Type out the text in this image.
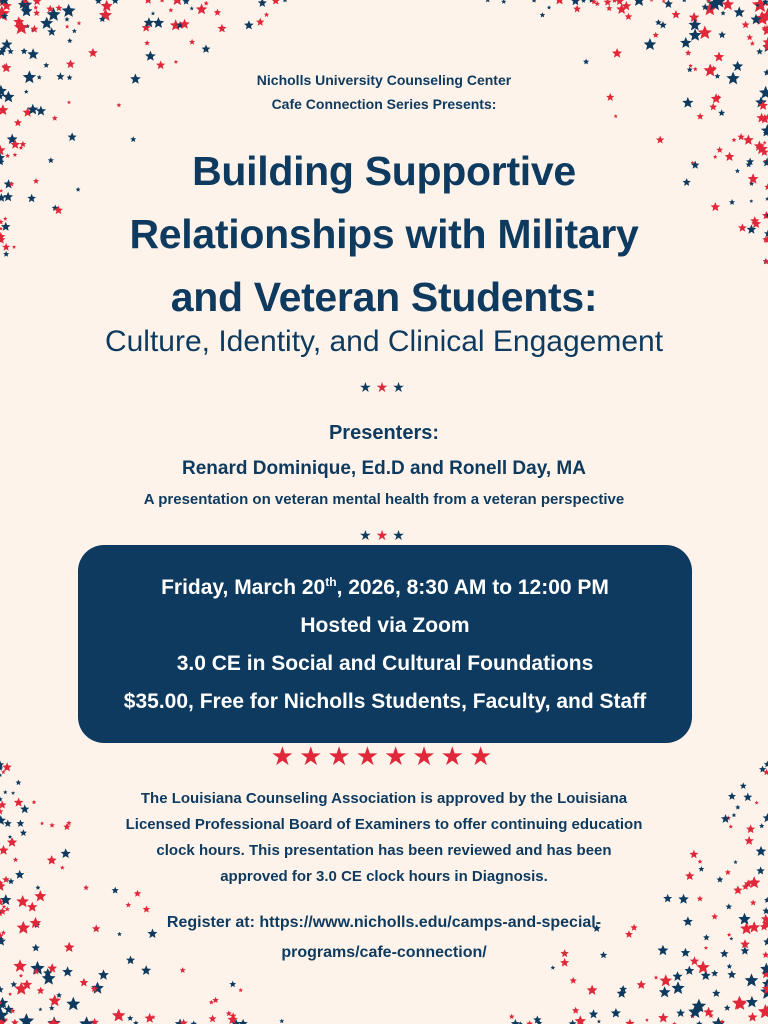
Nicholls University Counseling Center
Cafe Connection Series Presents:
Building Supportive
Relationships with Military
and Veteran Students:
Culture, Identity, and Clinical Engagement
★★★
Presenters:
Renard Dominique, Ed.D and Ronell Day, MA
A presentation on veteran mental health from a veteran perspective
★★★
Friday, March 20th, 2026, 8:30 AM to 12:00 PM
Hosted via Zoom
3.0 CE in Social and Cultural Foundations
$35.00, Free for Nicholls Students, Faculty, and Staff
★★★★★★★★
The Louisiana Counseling Association is approved by the Louisiana
Licensed Professional Board of Examiners to offer continuing education
clock hours. This presentation has been reviewed and has been
approved for 3.0 CE clock hours in Diagnosis.
Register at: https://www.nicholls.edu/camps-and-special-
programs/cafe-connection/
